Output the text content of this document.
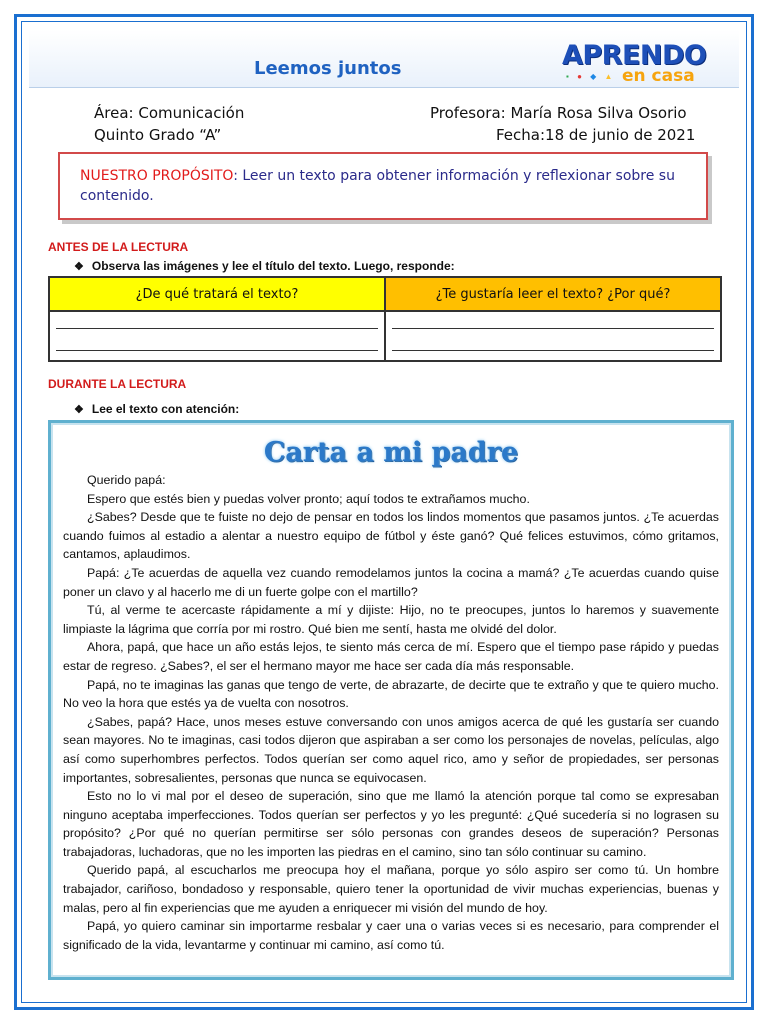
Leemos juntos	APRENDO
▪ ● ◆ ▲ en casa
Área: Comunicación
Quinto Grado “A”
Profesora: María Rosa Silva Osorio
Fecha:18 de junio de 2021
NUESTRO PROPÓSITO: Leer un texto para obtener información y reflexionar sobre su contenido.
ANTES DE LA LECTURA
❖ Observa las imágenes y lee el título del texto. Luego, responde:
¿De qué tratará el texto?	¿Te gustaría leer el texto? ¿Por qué?
DURANTE LA LECTURA
❖ Lee el texto con atención:
Carta a mi padre

Querido papá:

Espero que estés bien y puedas volver pronto; aquí todos te extrañamos mucho.

¿Sabes? Desde que te fuiste no dejo de pensar en todos los lindos momentos que pasamos juntos. ¿Te acuerdas cuando fuimos al estadio a alentar a nuestro equipo de fútbol y éste ganó? Qué felices estuvimos, cómo gritamos, cantamos, aplaudimos.

Papá: ¿Te acuerdas de aquella vez cuando remodelamos juntos la cocina a mamá? ¿Te acuerdas cuando quise poner un clavo y al hacerlo me di un fuerte golpe con el martillo?

Tú, al verme te acercaste rápidamente a mí y dijiste: Hijo, no te preocupes, juntos lo haremos y suavemente limpiaste la lágrima que corría por mi rostro. Qué bien me sentí, hasta me olvidé del dolor.

Ahora, papá, que hace un año estás lejos, te siento más cerca de mí. Espero que el tiempo pase rápido y puedas estar de regreso. ¿Sabes?, el ser el hermano mayor me hace ser cada día más responsable.

Papá, no te imaginas las ganas que tengo de verte, de abrazarte, de decirte que te extraño y que te quiero mucho. No veo la hora que estés ya de vuelta con nosotros.

¿Sabes, papá? Hace, unos meses estuve conversando con unos amigos acerca de qué les gustaría ser cuando sean mayores. No te imaginas, casi todos dijeron que aspiraban a ser como los personajes de novelas, películas, algo así como superhombres perfectos. Todos querían ser como aquel rico, amo y señor de propiedades, ser personas importantes, sobresalientes, personas que nunca se equivocasen.

Esto no lo vi mal por el deseo de superación, sino que me llamó la atención porque tal como se expresaban ninguno aceptaba imperfecciones. Todos querían ser perfectos y yo les pregunté: ¿Qué sucedería si no lograsen su propósito? ¿Por qué no querían permitirse ser sólo personas con grandes deseos de superación? Personas trabajadoras, luchadoras, que no les importen las piedras en el camino, sino tan sólo continuar su camino.

Querido papá, al escucharlos me preocupa hoy el mañana, porque yo sólo aspiro ser como tú. Un hombre trabajador, cariñoso, bondadoso y responsable, quiero tener la oportunidad de vivir muchas experiencias, buenas y malas, pero al fin experiencias que me ayuden a enriquecer mi visión del mundo de hoy.

Papá, yo quiero caminar sin importarme resbalar y caer una o varias veces si es necesario, para comprender el significado de la vida, levantarme y continuar mi camino, así como tú.
